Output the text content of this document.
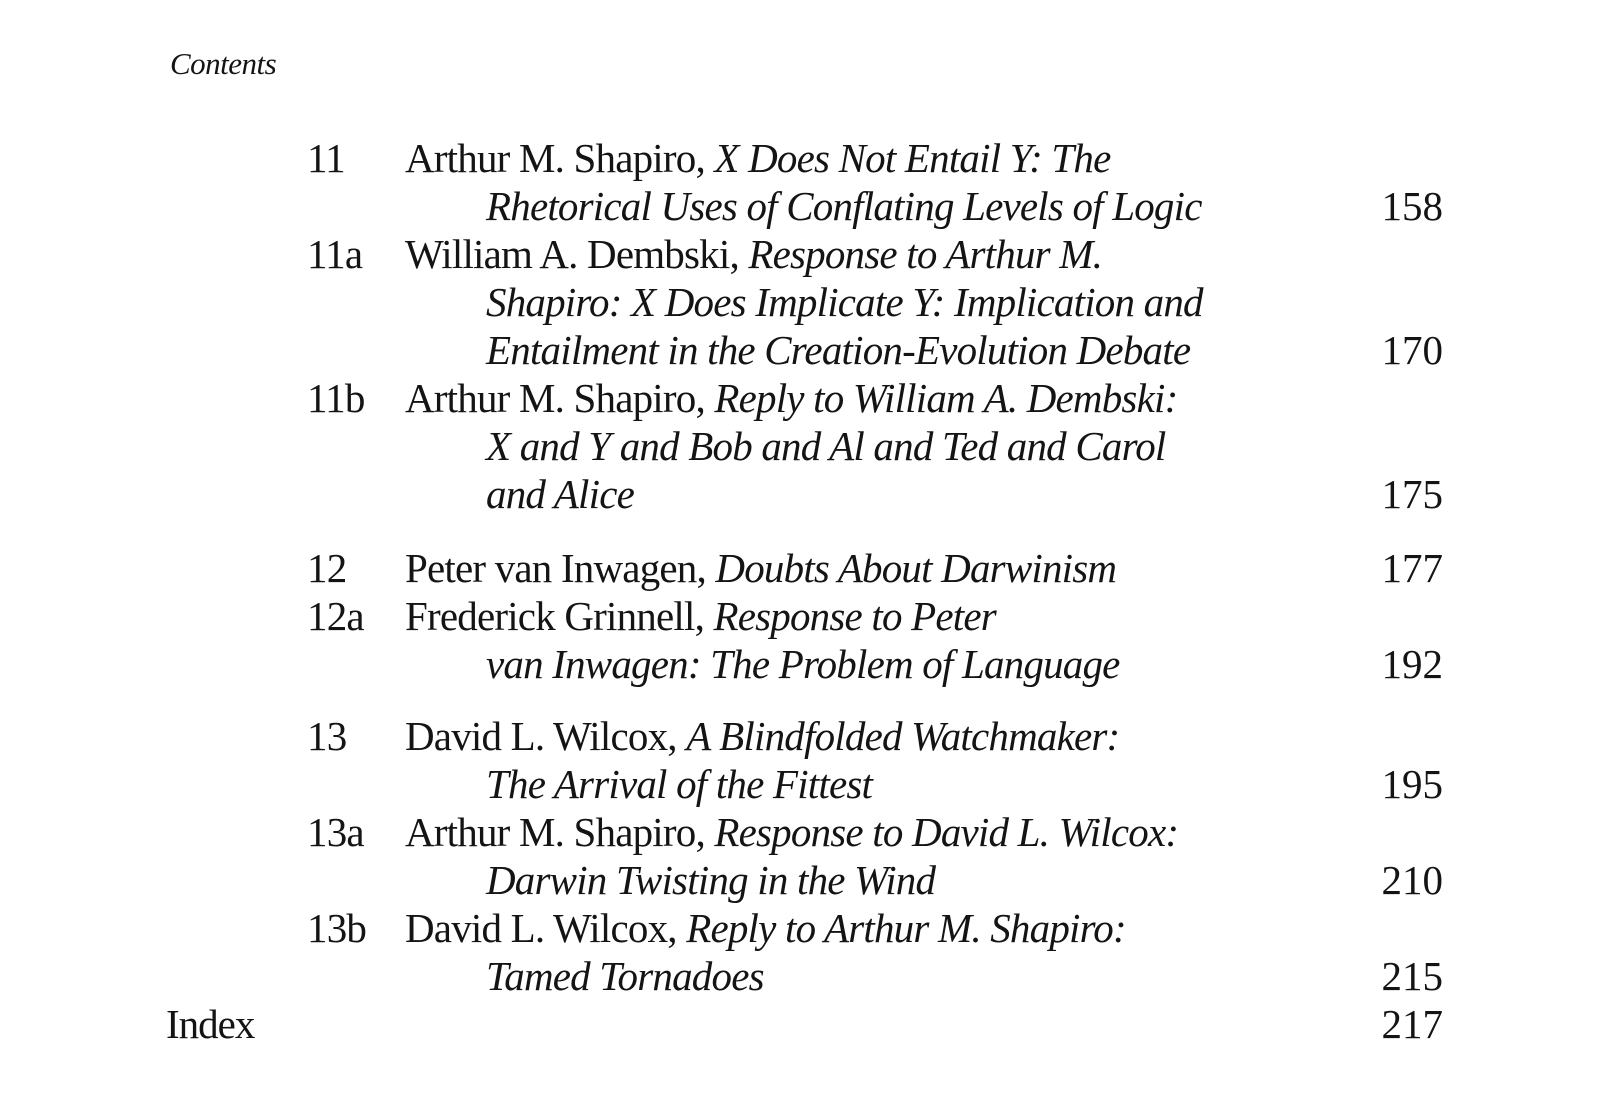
Contents
11 Arthur M. Shapiro, X Does Not Entail Y: The
Rhetorical Uses of Conflating Levels of Logic	158
11a William A. Dembski, Response to Arthur M.
Shapiro: X Does Implicate Y: Implication and
Entailment in the Creation-Evolution Debate	170
11b Arthur M. Shapiro, Reply to William A. Dembski:
X and Y and Bob and Al and Ted and Carol
and Alice	175
12 Peter van Inwagen, Doubts About Darwinism	177
12a Frederick Grinnell, Response to Peter
van Inwagen: The Problem of Language	192
13 David L. Wilcox, A Blindfolded Watchmaker:
The Arrival of the Fittest	195
13a Arthur M. Shapiro, Response to David L. Wilcox:
Darwin Twisting in the Wind	210
13b David L. Wilcox, Reply to Arthur M. Shapiro:
Tamed Tornadoes	215
Index	217
